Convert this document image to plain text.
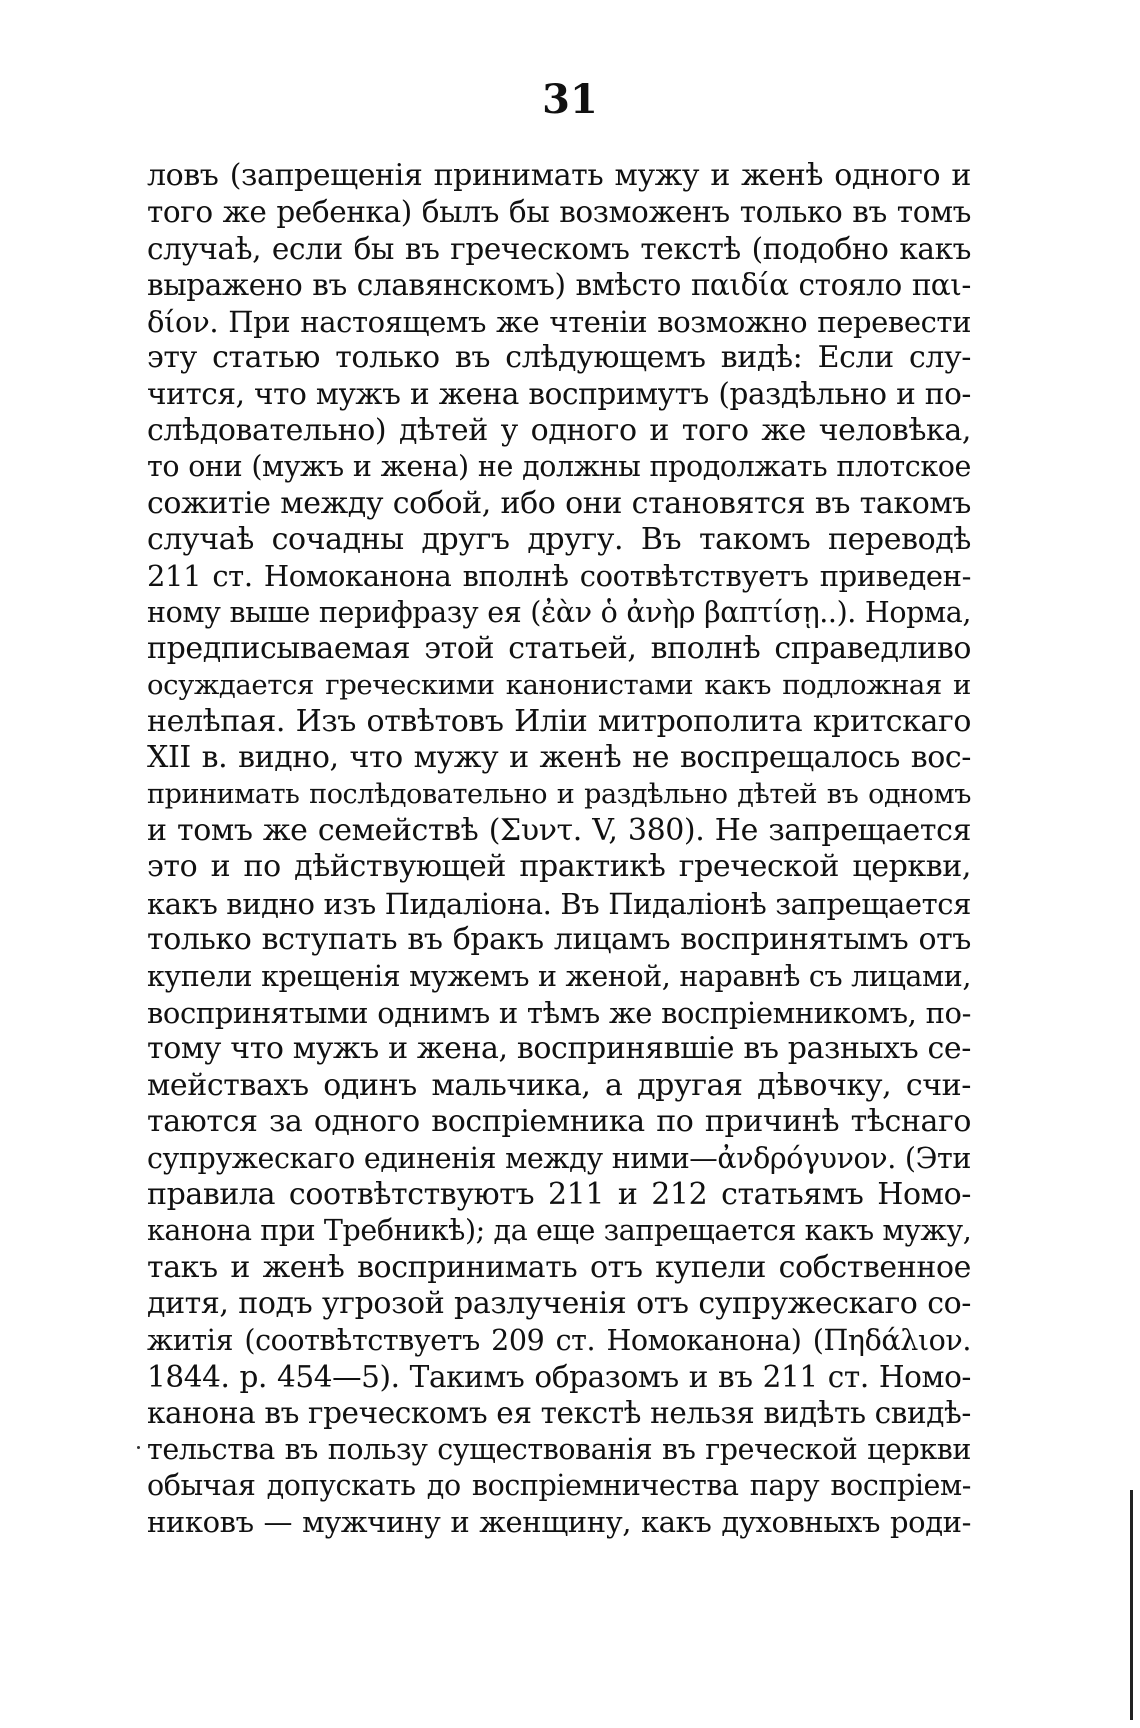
31
ловъ (запрещенія принимать мужу и женѣ одного и
того же ребенка) былъ бы возможенъ только въ томъ
случаѣ, если бы въ греческомъ текстѣ (подобно какъ
выражено въ славянскомъ) вмѣсто παιδία стояло παι-
δίον. При настоящемъ же чтеніи возможно перевести
эту статью только въ слѣдующемъ видѣ: Если слу-
чится, что мужъ и жена воспримутъ (раздѣльно и по-
слѣдовательно) дѣтей у одного и того же человѣка,
то они (мужъ и жена) не должны продолжать плотское
сожитіе между собой, ибо они становятся въ такомъ
случаѣ сочадны другъ другу. Въ такомъ переводѣ
211 ст. Номоканона вполнѣ соотвѣтствуетъ приведен-
ному выше перифразу ея (ἐὰν ὁ ἀνὴρ βαπτίσῃ..). Норма,
предписываемая этой статьей, вполнѣ справедливо
осуждается греческими канонистами какъ подложная и
нелѣпая. Изъ отвѣтовъ Иліи митрополита критскаго
XII в. видно, что мужу и женѣ не воспрещалось вос-
принимать послѣдовательно и раздѣльно дѣтей въ одномъ
и томъ же семействѣ (Συντ. V, 380). Не запрещается
это и по дѣйствующей практикѣ греческой церкви,
какъ видно изъ Пидаліона. Въ Пидаліонѣ запрещается
только вступать въ бракъ лицамъ воспринятымъ отъ
купели крещенія мужемъ и женой, наравнѣ съ лицами,
воспринятыми однимъ и тѣмъ же воспріемникомъ, по-
тому что мужъ и жена, воспринявшіе въ разныхъ се-
мействахъ одинъ мальчика, а другая дѣвочку, счи-
таются за одного воспріемника по причинѣ тѣснаго
супружескаго единенія между ними—ἀνδρόγυνον. (Эти
правила соотвѣтствуютъ 211 и 212 статьямъ Номо-
канона при Требникѣ); да еще запрещается какъ мужу,
такъ и женѣ воспринимать отъ купели собственное
дитя, подъ угрозой разлученія отъ супружескаго со-
житія (соотвѣтствуетъ 209 ст. Номоканона) (Πηδάλιον.
1844. р. 454—5). Такимъ образомъ и въ 211 ст. Номо-
канона въ греческомъ ея текстѣ нельзя видѣть свидѣ-
тельства въ пользу существованія въ греческой церкви
обычая допускать до воспріемничества пару воспріем-
никовъ — мужчину и женщину, какъ духовныхъ роди-
